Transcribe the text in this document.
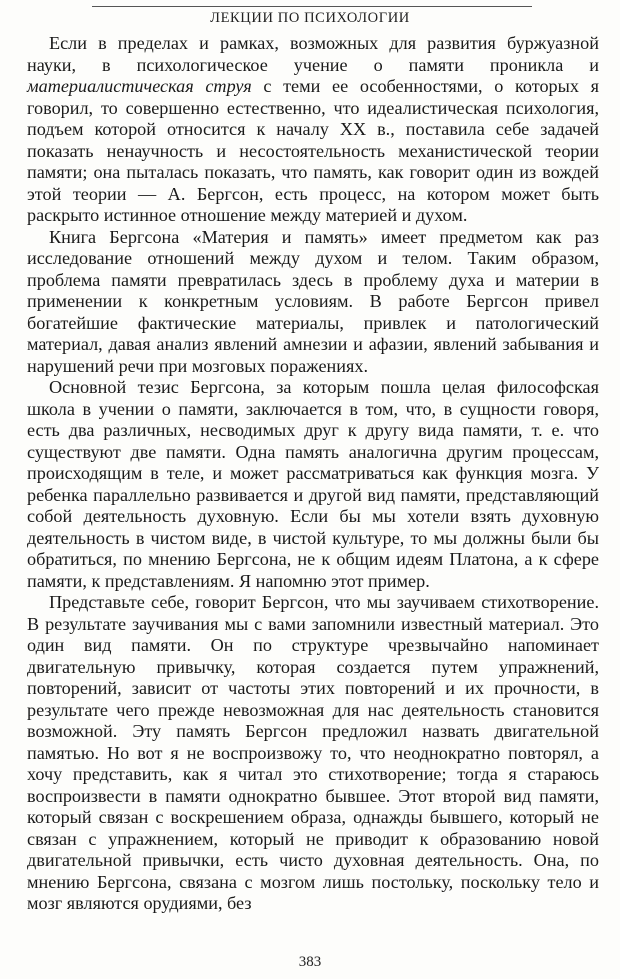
ЛЕКЦИИ ПО ПСИХОЛОГИИ

Если в пределах и рамках, возможных для развития буржуазной науки, в психологическое учение о памяти проникла и материалистическая струя с теми ее особенностями, о которых я говорил, то совершенно естественно, что идеалистическая психология, подъем которой относится к началу XX в., поставила себе задачей показать ненаучность и несостоятельность механистической теории памяти; она пыталась показать, что память, как говорит один из вождей этой теории — А. Бергсон, есть процесс, на котором может быть раскрыто истинное отношение между материей и духом.

Книга Бергсона «Материя и память» имеет предметом как раз исследование отношений между духом и телом. Таким образом, проблема памяти превратилась здесь в проблему духа и материи в применении к конкретным условиям. В работе Бергсон привел богатейшие фактические материалы, привлек и патологический материал, давая анализ явлений амнезии и афазии, явлений забывания и нарушений речи при мозговых поражениях.

Основной тезис Бергсона, за которым пошла целая философская школа в учении о памяти, заключается в том, что, в сущности говоря, есть два различных, несводимых друг к другу вида памяти, т. е. что существуют две памяти. Одна память аналогична другим процессам, происходящим в теле, и может рассматриваться как функция мозга. У ребенка параллельно развивается и другой вид памяти, представляющий собой деятельность духовную. Если бы мы хотели взять духовную деятельность в чистом виде, в чистой культуре, то мы должны были бы обратиться, по мнению Бергсона, не к общим идеям Платона, а к сфере памяти, к представлениям. Я напомню этот пример.

Представьте себе, говорит Бергсон, что мы заучиваем стихотворение. В результате заучивания мы с вами запомнили известный материал. Это один вид памяти. Он по структуре чрезвычайно напоминает двигательную привычку, которая создается путем упражнений, повторений, зависит от частоты этих повторений и их прочности, в результате чего прежде невозможная для нас деятельность становится возможной. Эту память Бергсон предложил назвать двигательной памятью. Но вот я не воспроизвожу то, что неоднократно повторял, а хочу представить, как я читал это стихотворение; тогда я стараюсь воспроизвести в памяти однократно бывшее. Этот второй вид памяти, который связан с воскрешением образа, однажды бывшего, который не связан с упражнением, который не приводит к образованию новой двигательной привычки, есть чисто духовная деятельность. Она, по мнению Бергсона, связана с мозгом лишь постольку, поскольку тело и мозг являются орудиями, без

383
